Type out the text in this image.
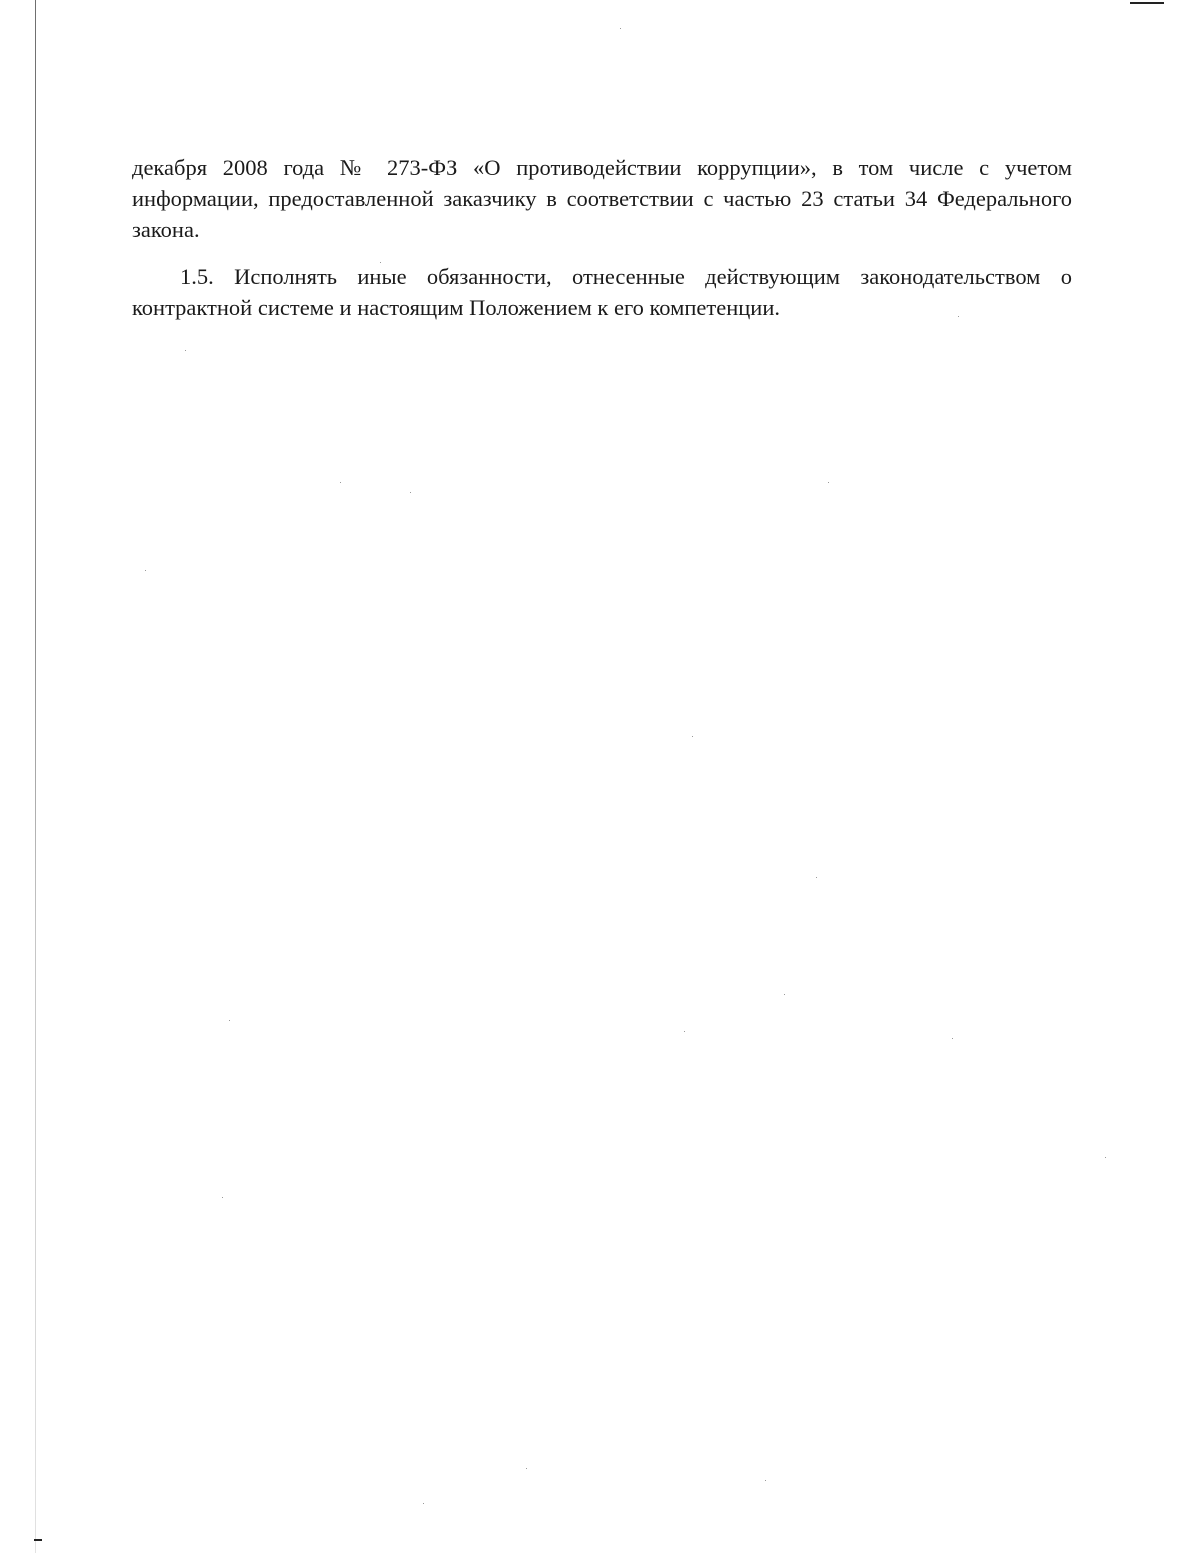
декабря 2008 года № 273-ФЗ «О противодействии коррупции», в том числе с учетом информации, предоставленной заказчику в соответствии с частью 23 статьи 34 Федерального закона.

1.5. Исполнять иные обязанности, отнесенные действующим законодательством о контрактной системе и настоящим Положением к его компетенции.
